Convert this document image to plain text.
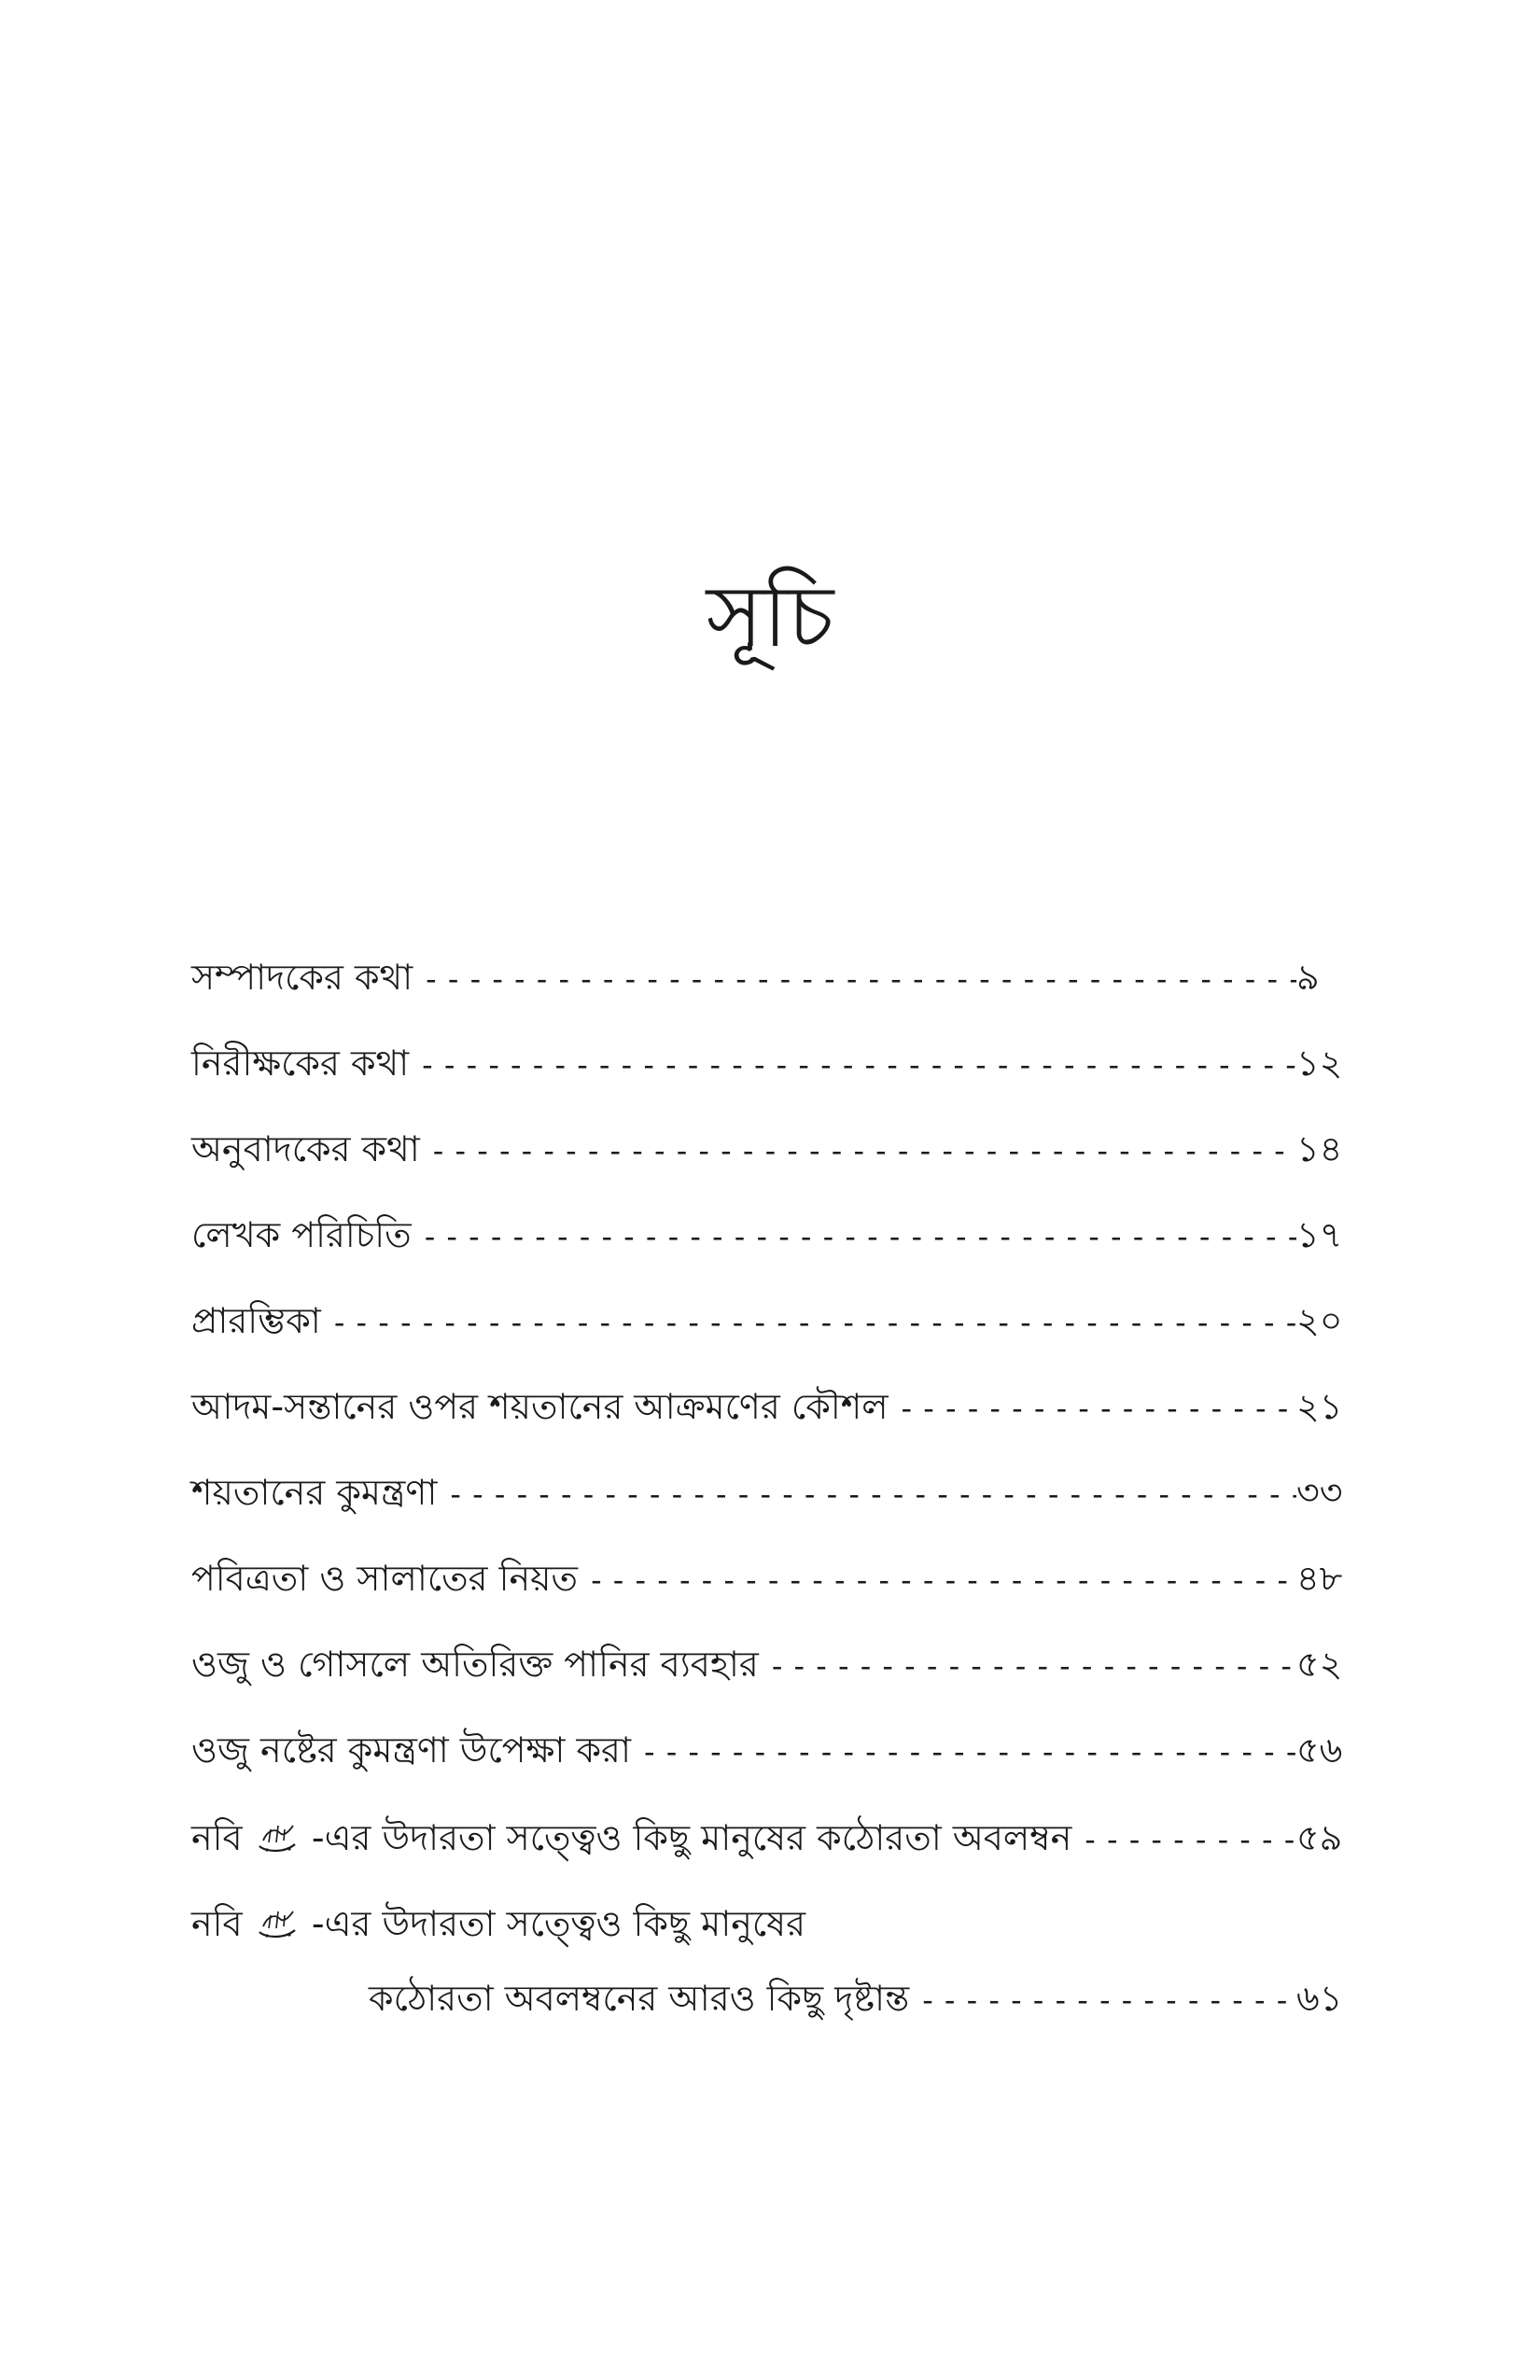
সূচি
সম্পাদকের কথা - - -	৯
নিরীক্ষকের কথা - - -	১২
অনুবাদকের কথা - - -	১৪
লেখক পরিচিতি - - -	১৭
প্রারম্ভিকা - - -	২০
আদম-সন্তানের ওপর শয়তানের আক্রমণের কৌশল - - -	২১
শয়তানের কুমন্ত্রণা - - -	৩৩
পবিত্রতা ও সালাতের নিয়ত - - -	৪৮
ওজু ও গোসলে অতিরিক্ত পানির ব্যবহার - - -	৫২
ওজু নষ্টের কুমন্ত্রণা উপেক্ষা করা - - -	৫৬
নবি -এর উদারতা সত্ত্বেও কিছু মানুষের কঠোরতা অবলম্বন - - -	৫৯
নবি -এর উদারতা সত্ত্বেও কিছু মানুষের
কঠোরতা অবলম্বনের আরও কিছু দৃষ্টান্ত - - -	৬১
